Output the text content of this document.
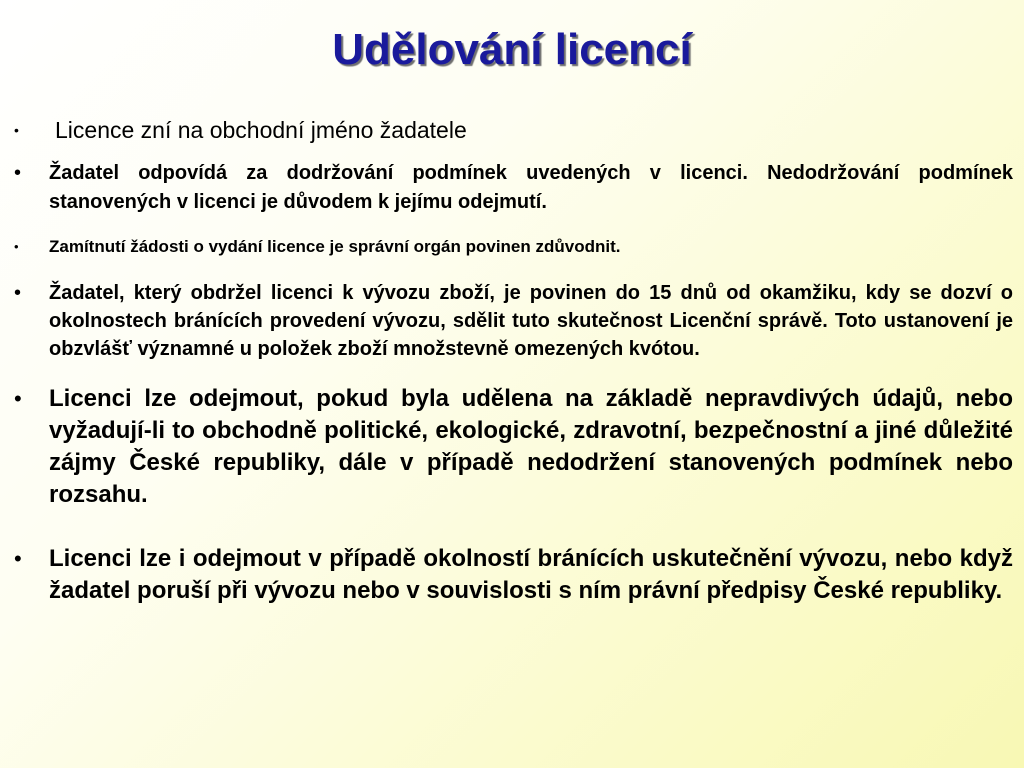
Udělování licencí
• Licence zní na obchodní jméno žadatele
• Žadatel odpovídá za dodržování podmínek uvedených v licenci. Nedodržování podmínek stanovených v licenci je důvodem k jejímu odejmutí.
• Zamítnutí žádosti o vydání licence je správní orgán povinen zdůvodnit.
• Žadatel, který obdržel licenci k vývozu zboží, je povinen do 15 dnů od okamžiku, kdy se dozví o okolnostech bránících provedení vývozu, sdělit tuto skutečnost Licenční správě. Toto ustanovení je obzvlášť významné u položek zboží množstevně omezených kvótou.
• Licenci lze odejmout, pokud byla udělena na základě nepravdivých údajů, nebo vyžadují-li to obchodně politické, ekologické, zdravotní, bezpečnostní a jiné důležité zájmy České republiky, dále v případě nedodržení stanovených podmínek nebo rozsahu.
• Licenci lze i odejmout v případě okolností bránících uskutečnění vývozu, nebo když žadatel poruší při vývozu nebo v souvislosti s ním právní předpisy České republiky.
